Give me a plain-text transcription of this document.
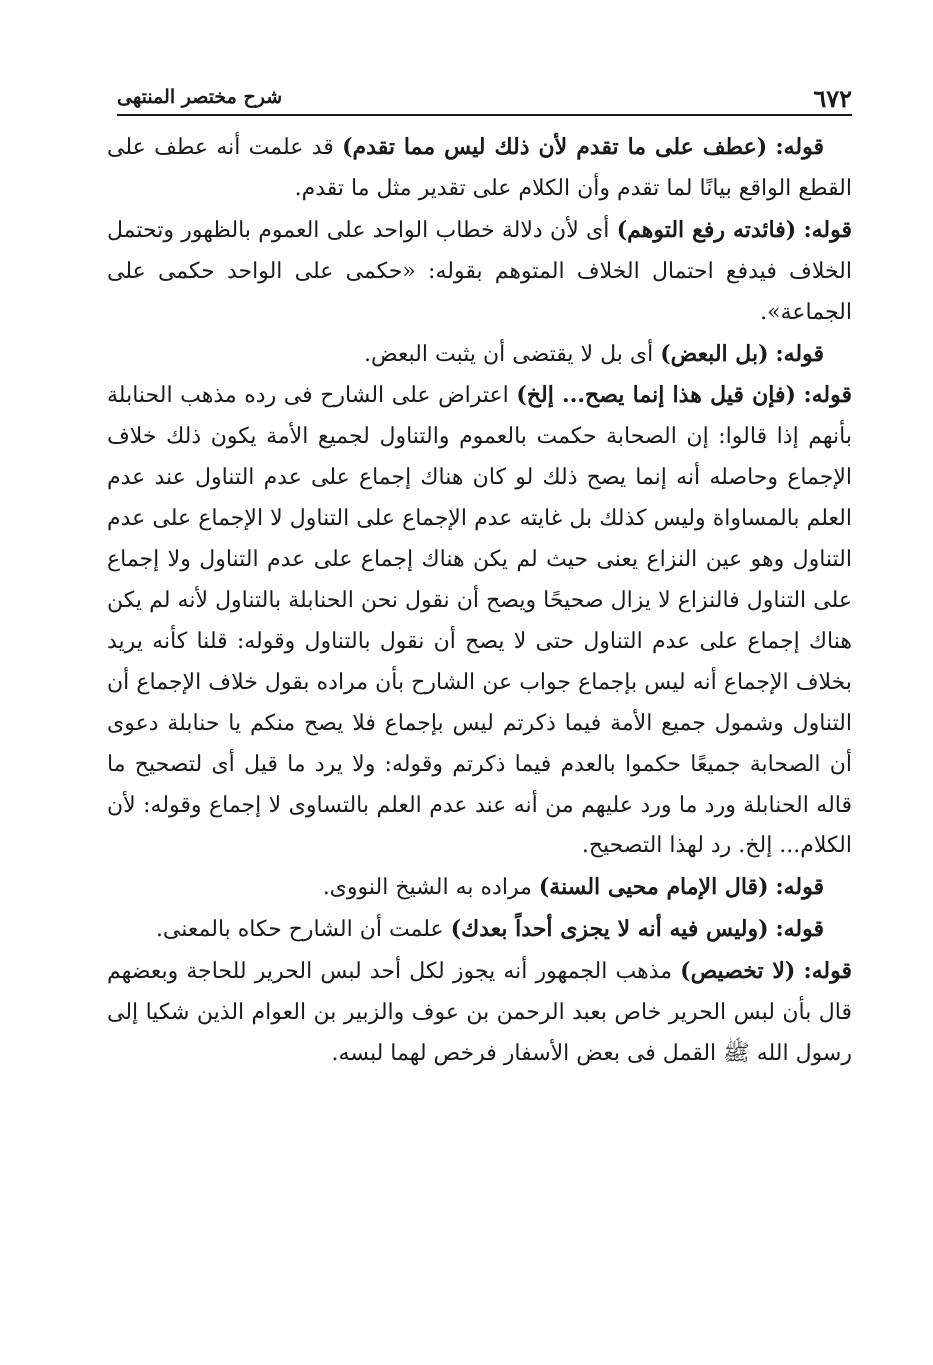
٦٧٢
شرح مختصر المنتهى

قوله: (عطف على ما تقدم لأن ذلك ليس مما تقدم) قد علمت أنه عطف على القطع الواقع بيانًا لما تقدم وأن الكلام على تقدير مثل ما تقدم.

قوله: (فائدته رفع التوهم) أى لأن دلالة خطاب الواحد على العموم بالظهور وتحتمل الخلاف فيدفع احتمال الخلاف المتوهم بقوله: «حكمى على الواحد حكمى على الجماعة».

قوله: (بل البعض) أى بل لا يقتضى أن يثبت البعض.

قوله: (فإن قيل هذا إنما يصح... إلخ) اعتراض على الشارح فى رده مذهب الحنابلة بأنهم إذا قالوا: إن الصحابة حكمت بالعموم والتناول لجميع الأمة يكون ذلك خلاف الإجماع وحاصله أنه إنما يصح ذلك لو كان هناك إجماع على عدم التناول عند عدم العلم بالمساواة وليس كذلك بل غايته عدم الإجماع على التناول لا الإجماع على عدم التناول وهو عين النزاع يعنى حيث لم يكن هناك إجماع على عدم التناول ولا إجماع على التناول فالنزاع لا يزال صحيحًا ويصح أن نقول نحن الحنابلة بالتناول لأنه لم يكن هناك إجماع على عدم التناول حتى لا يصح أن نقول بالتناول وقوله: قلنا كأنه يريد بخلاف الإجماع أنه ليس بإجماع جواب عن الشارح بأن مراده بقول خلاف الإجماع أن التناول وشمول جميع الأمة فيما ذكرتم ليس بإجماع فلا يصح منكم يا حنابلة دعوى أن الصحابة جميعًا حكموا بالعدم فيما ذكرتم وقوله: ولا يرد ما قيل أى لتصحيح ما قاله الحنابلة ورد ما ورد عليهم من أنه عند عدم العلم بالتساوى لا إجماع وقوله: لأن الكلام... إلخ. رد لهذا التصحيح.

قوله: (قال الإمام محيى السنة) مراده به الشيخ النووى.

قوله: (وليس فيه أنه لا يجزى أحداً بعدك) علمت أن الشارح حكاه بالمعنى.

قوله: (لا تخصيص) مذهب الجمهور أنه يجوز لكل أحد لبس الحرير للحاجة وبعضهم قال بأن لبس الحرير خاص بعبد الرحمن بن عوف والزبير بن العوام الذين شكيا إلى رسول الله ﷺ القمل فى بعض الأسفار فرخص لهما لبسه.
